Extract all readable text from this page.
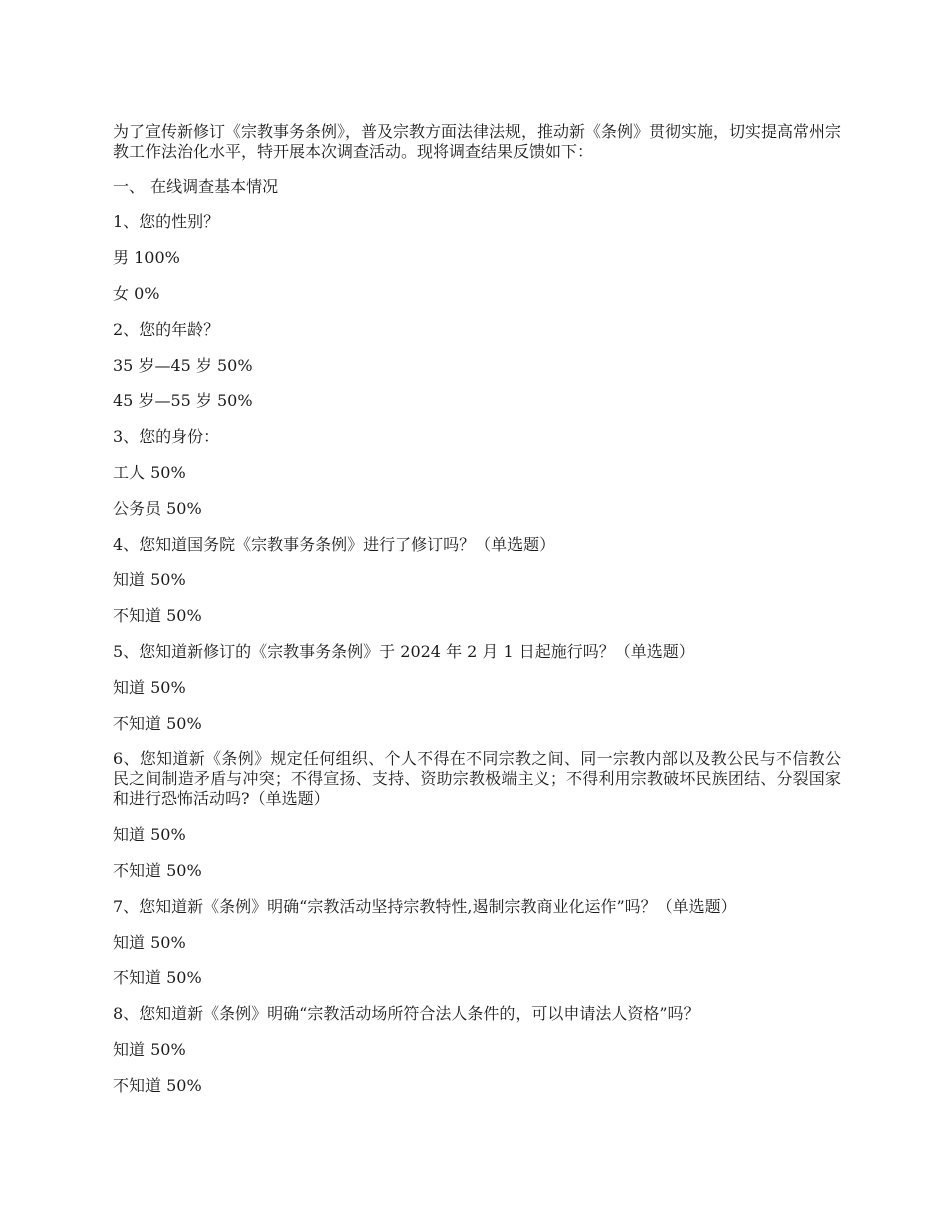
为了宣传新修订《宗教事务条例》，普及宗教方面法律法规，推动新《条例》贯彻实施，切实提高常州宗教工作法治化水平，特开展本次调查活动。现将调查结果反馈如下：

一、 在线调查基本情况

1、您的性别？

男 100%

女 0%

2、您的年龄？

35 岁—45 岁 50%

45 岁—55 岁 50%

3、您的身份：

工人 50%

公务员 50%

4、您知道国务院《宗教事务条例》进行了修订吗？（单选题）

知道 50%

不知道 50%

5、您知道新修订的《宗教事务条例》于 2024 年 2 月 1 日起施行吗？（单选题）

知道 50%

不知道 50%

6、您知道新《条例》规定任何组织、个人不得在不同宗教之间、同一宗教内部以及教公民与不信教公民之间制造矛盾与冲突；不得宣扬、支持、资助宗教极端主义；不得利用宗教破坏民族团结、分裂国家和进行恐怖活动吗?（单选题）

知道 50%

不知道 50%

7、您知道新《条例》明确“宗教活动坚持宗教特性,遏制宗教商业化运作”吗？（单选题）

知道 50%

不知道 50%

8、您知道新《条例》明确“宗教活动场所符合法人条件的，可以申请法人资格”吗？

知道 50%

不知道 50%
